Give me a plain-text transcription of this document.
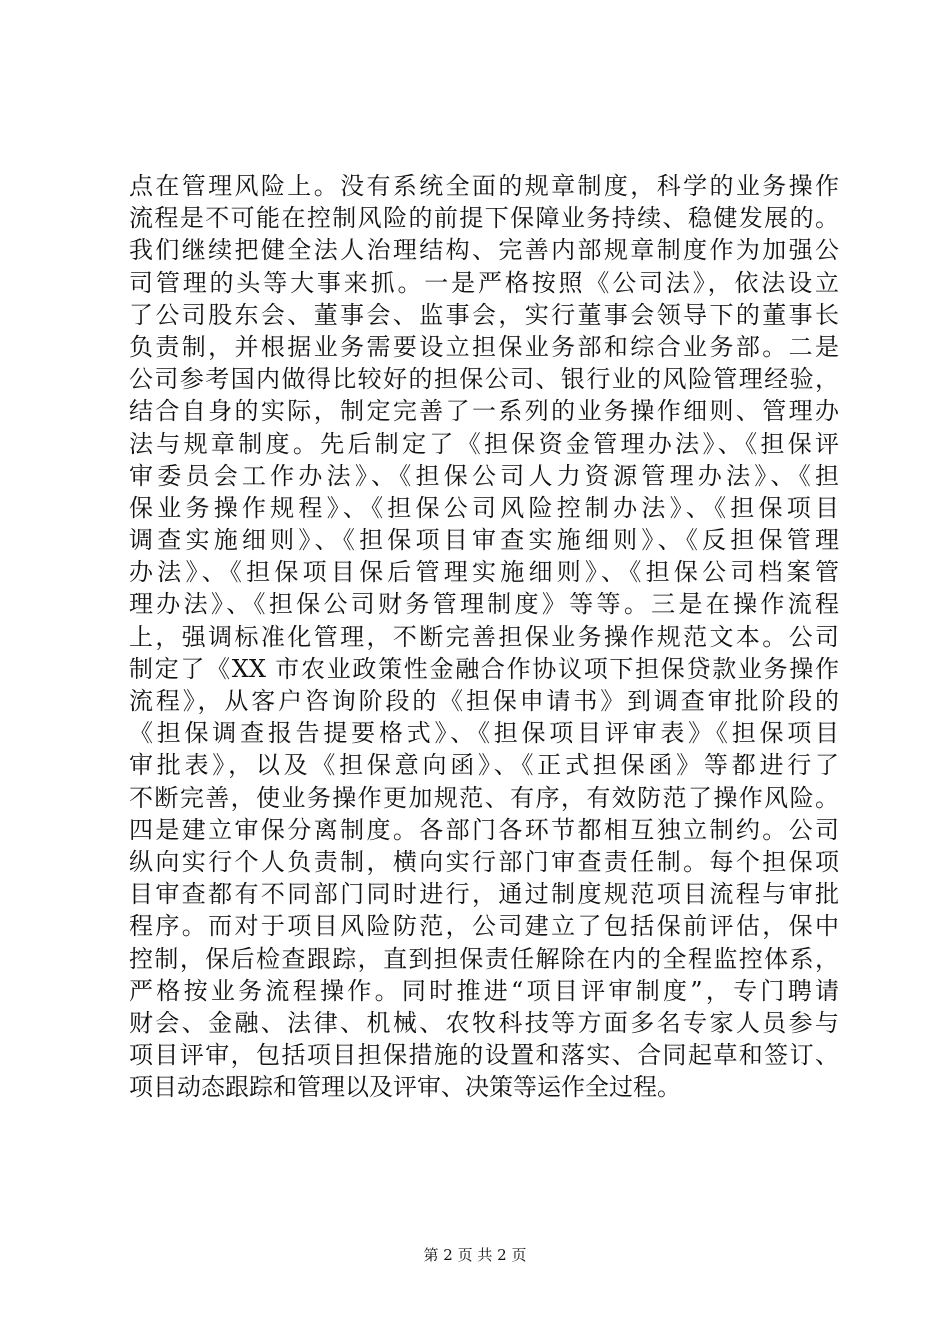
点在管理风险上。没有系统全面的规章制度，科学的业务操作
流程是不可能在控制风险的前提下保障业务持续、稳健发展的。
我们继续把健全法人治理结构、完善内部规章制度作为加强公
司管理的头等大事来抓。一是严格按照《公司法》，依法设立
了公司股东会、董事会、监事会，实行董事会领导下的董事长
负责制，并根据业务需要设立担保业务部和综合业务部。二是
公司参考国内做得比较好的担保公司、银行业的风险管理经验，
结合自身的实际，制定完善了一系列的业务操作细则、管理办
法与规章制度。先后制定了《担保资金管理办法》、《担保评
审委员会工作办法》、《担保公司人力资源管理办法》、《担
保业务操作规程》、《担保公司风险控制办法》、《担保项目
调查实施细则》、《担保项目审查实施细则》、《反担保管理
办法》、《担保项目保后管理实施细则》、《担保公司档案管
理办法》、《担保公司财务管理制度》等等。三是在操作流程
上，强调标准化管理，不断完善担保业务操作规范文本。公司
制定了《XX 市农业政策性金融合作协议项下担保贷款业务操作
流程》，从客户咨询阶段的《担保申请书》到调查审批阶段的
《担保调查报告提要格式》、《担保项目评审表》《担保项目
审批表》，以及《担保意向函》、《正式担保函》等都进行了
不断完善，使业务操作更加规范、有序，有效防范了操作风险。
四是建立审保分离制度。各部门各环节都相互独立制约。公司
纵向实行个人负责制，横向实行部门审查责任制。每个担保项
目审查都有不同部门同时进行，通过制度规范项目流程与审批
程序。而对于项目风险防范，公司建立了包括保前评估，保中
控制，保后检查跟踪，直到担保责任解除在内的全程监控体系，
严格按业务流程操作。同时推进“项目评审制度”，专门聘请
财会、金融、法律、机械、农牧科技等方面多名专家人员参与
项目评审，包括项目担保措施的设置和落实、合同起草和签订、
项目动态跟踪和管理以及评审、决策等运作全过程。
第 2 页 共 2 页
